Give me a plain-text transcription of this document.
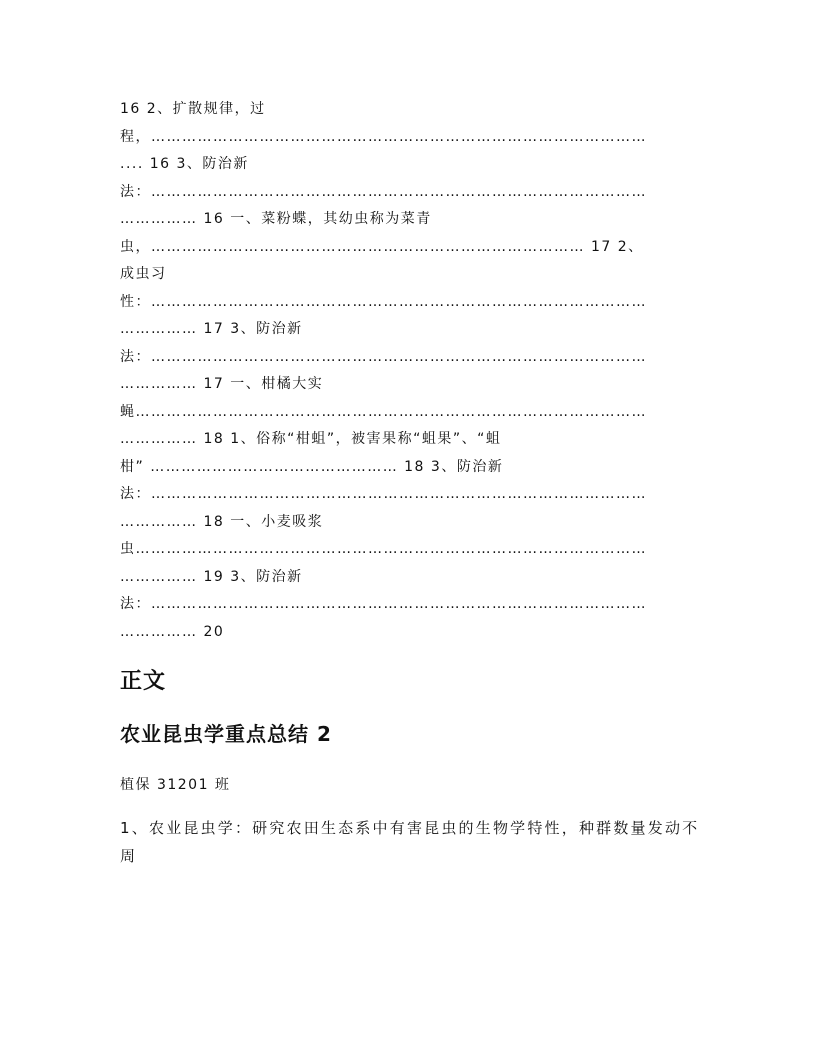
16 2、扩散规律，过
程，……………………………………………………………………………………
.... 16 3、防治新
法：……………………………………………………………………………………
…………… 16 一、菜粉蝶，其幼虫称为菜青
虫，………………………………………………………………………… 17 2、
成虫习
性：……………………………………………………………………………………
…………… 17 3、防治新
法：……………………………………………………………………………………
…………… 17 一、柑橘大实
蝇………………………………………………………………………………………
…………… 18 1、俗称“柑蛆”，被害果称“蛆果”、“蛆
柑” ………………………………………… 18 3、防治新
法：……………………………………………………………………………………
…………… 18 一、小麦吸浆
虫………………………………………………………………………………………
…………… 19 3、防治新
法：……………………………………………………………………………………
…………… 20
正文
农业昆虫学重点总结 2
植保 31201 班

1、农业昆虫学：研究农田生态系中有害昆虫的生物学特性，种群数量发动不周
